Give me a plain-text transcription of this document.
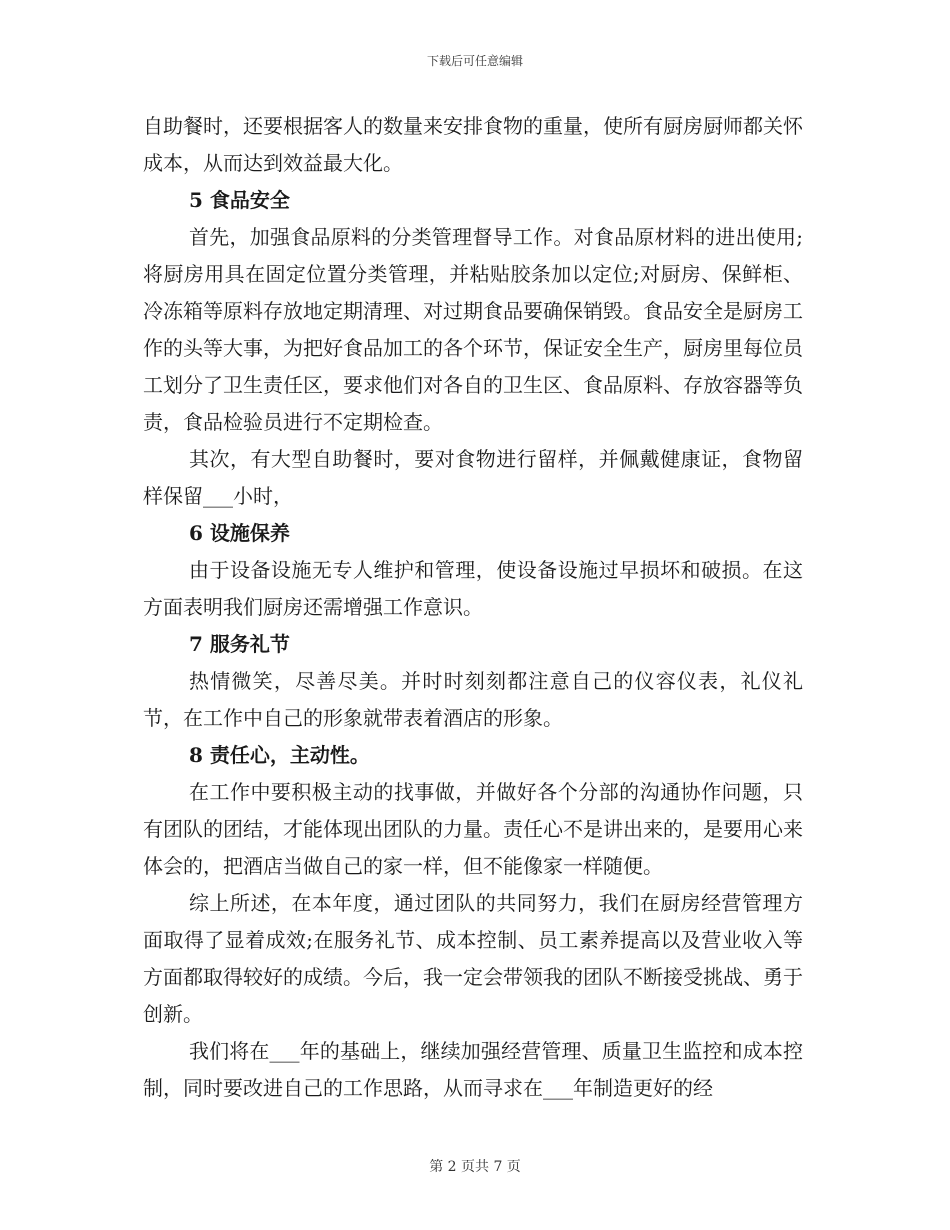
下载后可任意编辑

自助餐时，还要根据客人的数量来安排食物的重量，使所有厨房厨师都关怀成本，从而达到效益最大化。

5 食品安全

首先，加强食品原料的分类管理督导工作。对食品原材料的进出使用;将厨房用具在固定位置分类管理，并粘贴胶条加以定位;对厨房、保鲜柜、冷冻箱等原料存放地定期清理、对过期食品要确保销毁。食品安全是厨房工作的头等大事，为把好食品加工的各个环节，保证安全生产，厨房里每位员工划分了卫生责任区，要求他们对各自的卫生区、食品原料、存放容器等负责，食品检验员进行不定期检查。

其次，有大型自助餐时，要对食物进行留样，并佩戴健康证，食物留样保留___小时，

6 设施保养

由于设备设施无专人维护和管理，使设备设施过早损坏和破损。在这方面表明我们厨房还需增强工作意识。

7 服务礼节

热情微笑，尽善尽美。并时时刻刻都注意自己的仪容仪表，礼仪礼节，在工作中自己的形象就带表着酒店的形象。

8 责任心，主动性。

在工作中要积极主动的找事做，并做好各个分部的沟通协作问题，只有团队的团结，才能体现出团队的力量。责任心不是讲出来的，是要用心来体会的，把酒店当做自己的家一样，但不能像家一样随便。

综上所述，在本年度，通过团队的共同努力，我们在厨房经营管理方面取得了显着成效;在服务礼节、成本控制、员工素养提高以及营业收入等方面都取得较好的成绩。今后，我一定会带领我的团队不断接受挑战、勇于创新。

我们将在___年的基础上，继续加强经营管理、质量卫生监控和成本控制，同时要改进自己的工作思路，从而寻求在___年制造更好的经

第 2 页共 7 页
